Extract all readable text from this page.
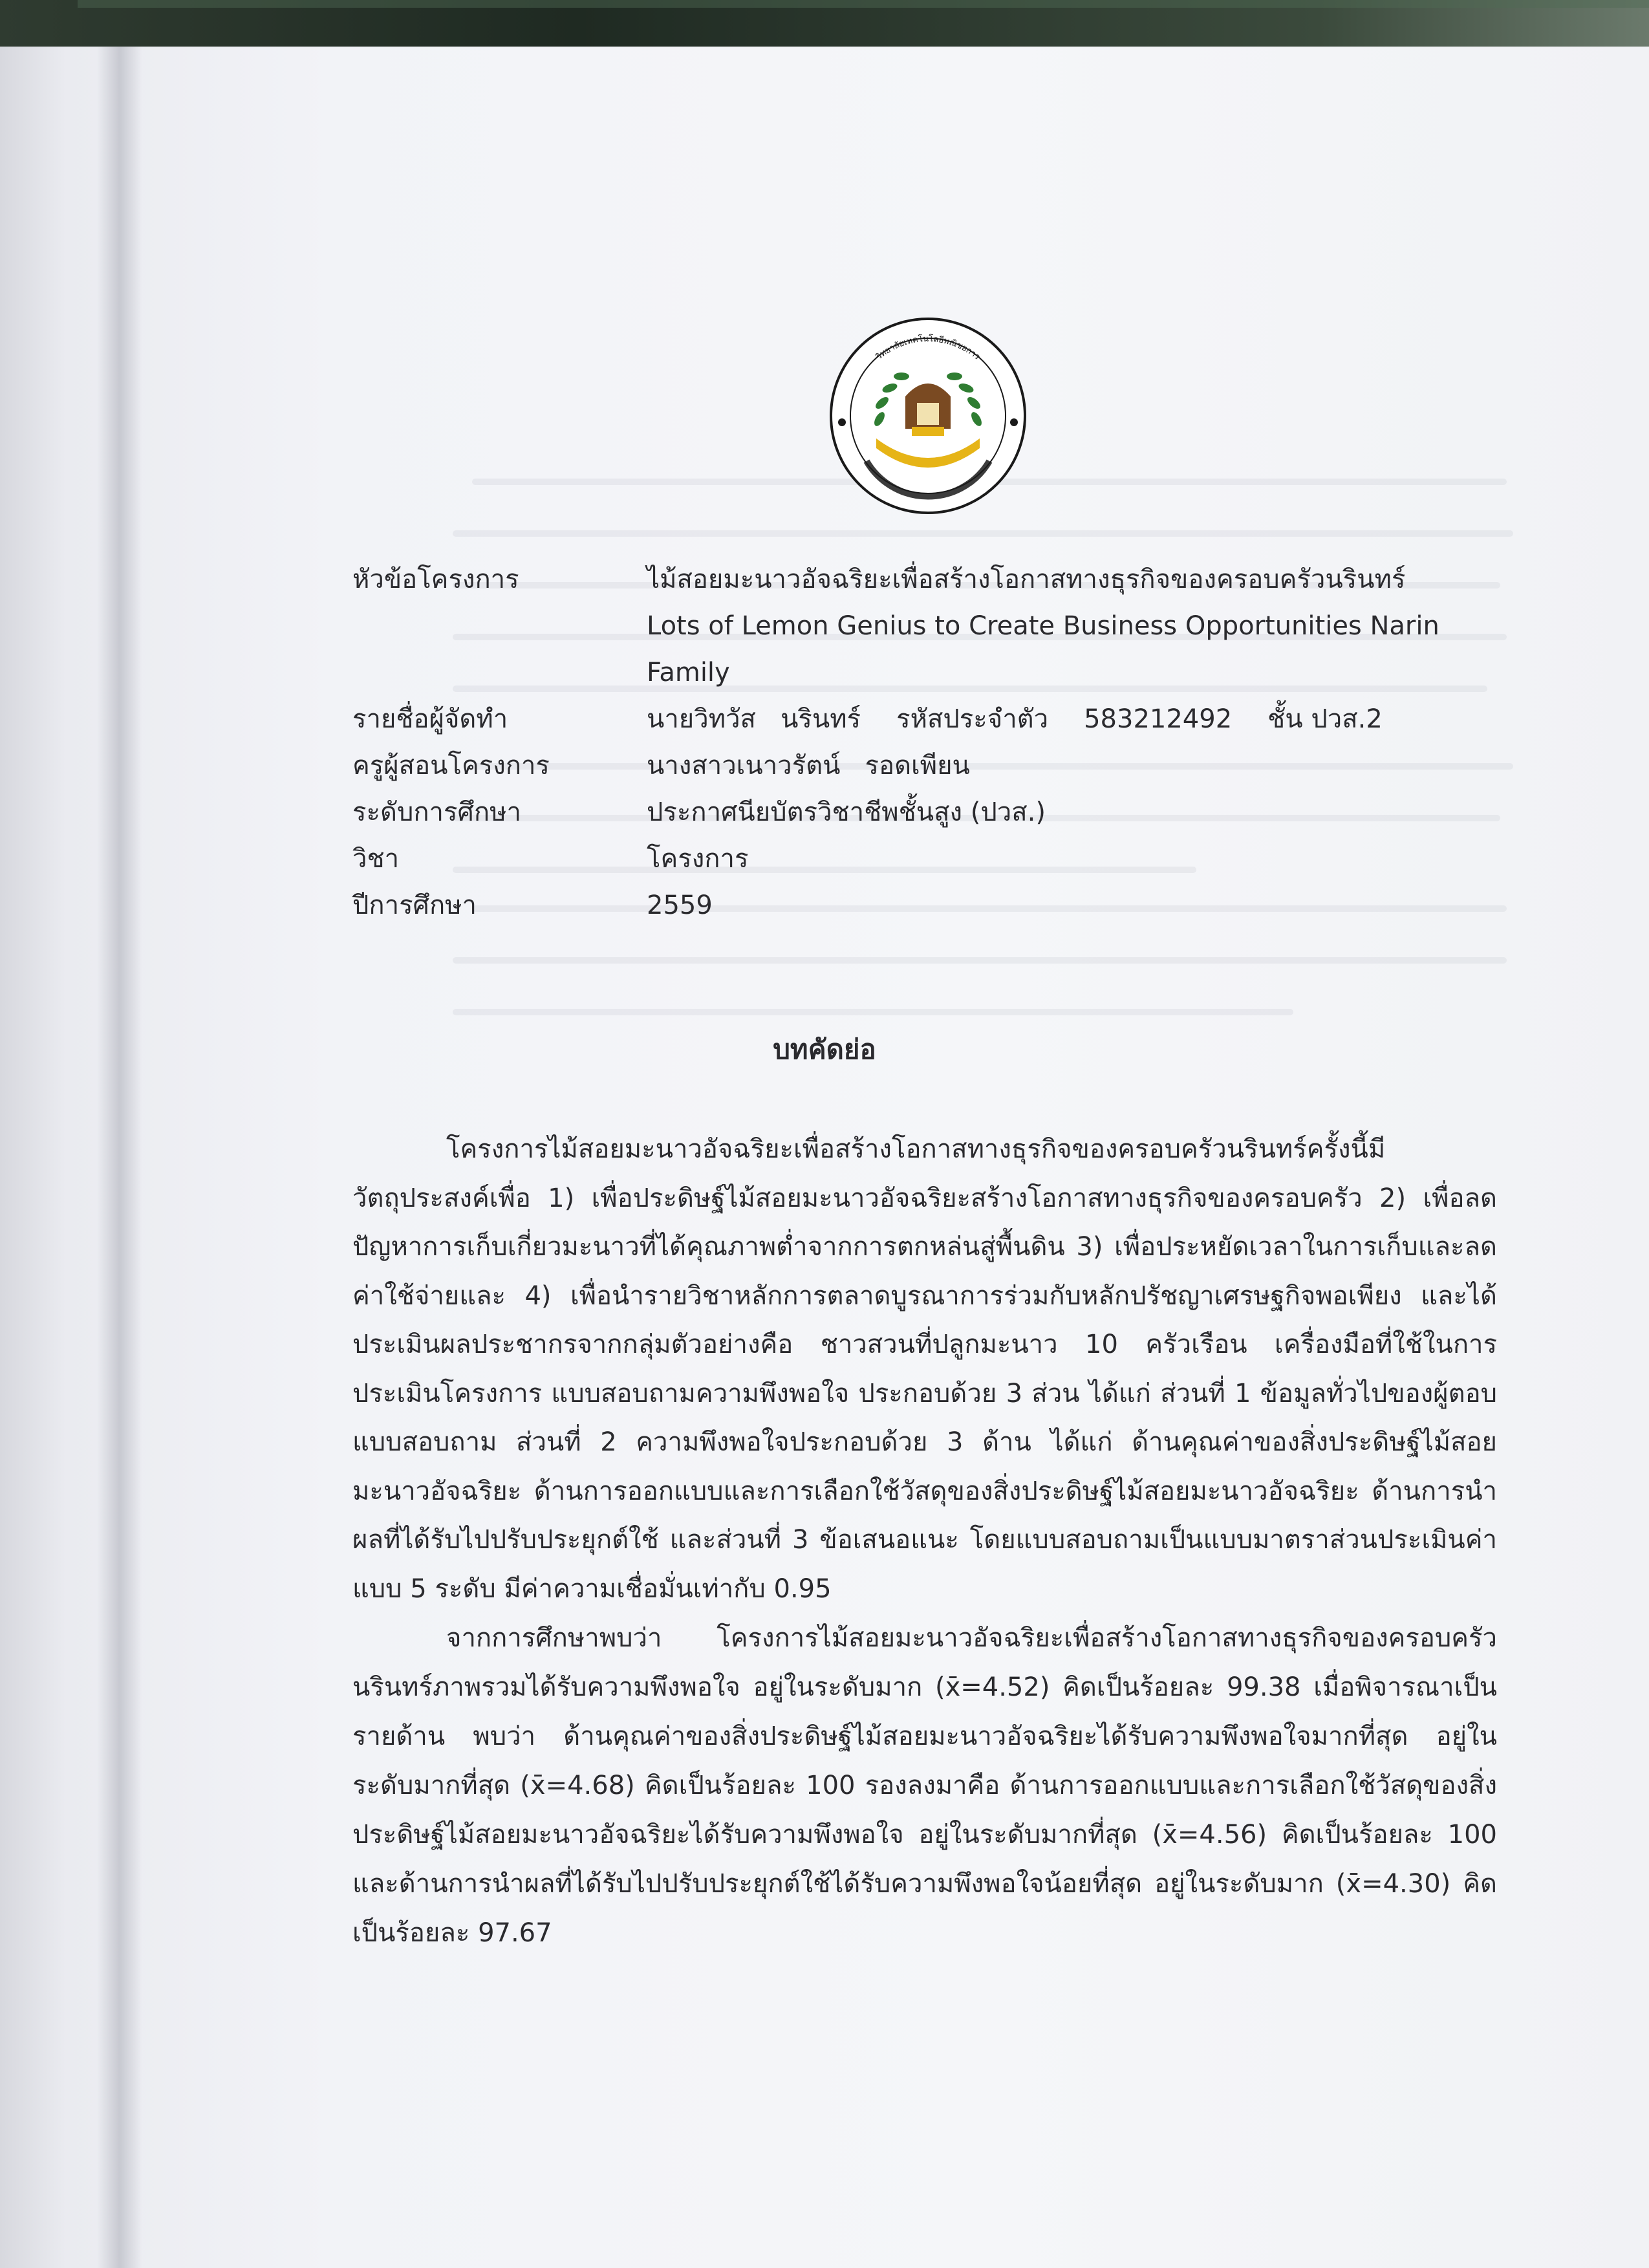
วิทยาลัยเทคโนโลยีพณิชยการ
หัวข้อโครงการ	ไม้สอยมะนาวอัจฉริยะเพื่อสร้างโอกาสทางธุรกิจของครอบครัวนรินทร์
Lots of Lemon Genius to Create Business Opportunities Narin
Family
รายชื่อผู้จัดทำ	นายวิทวัส   นรินทร์ รหัสประจำตัว 583212492 ชั้น ปวส.2
ครูผู้สอนโครงการ	นางสาวเนาวรัตน์   รอดเพียน
ระดับการศึกษา	ประกาศนียบัตรวิชาชีพชั้นสูง (ปวส.)
วิชา	โครงการ
ปีการศึกษา	2559
บทคัดย่อ

โครงการไม้สอยมะนาวอัจฉริยะเพื่อสร้างโอกาสทางธุรกิจของครอบครัวนรินทร์ครั้งนี้มีวัตถุประสงค์เพื่อ 1) เพื่อประดิษฐ์ไม้สอยมะนาวอัจฉริยะสร้างโอกาสทางธุรกิจของครอบครัว 2) เพื่อลดปัญหาการเก็บเกี่ยวมะนาวที่ได้คุณภาพต่ำจากการตกหล่นสู่พื้นดิน 3) เพื่อประหยัดเวลาในการเก็บและลดค่าใช้จ่ายและ 4) เพื่อนำรายวิชาหลักการตลาดบูรณาการร่วมกับหลักปรัชญาเศรษฐกิจพอเพียง และได้ประเมินผลประชากรจากกลุ่มตัวอย่างคือ ชาวสวนที่ปลูกมะนาว 10 ครัวเรือน เครื่องมือที่ใช้ในการประเมินโครงการ แบบสอบถามความพึงพอใจ ประกอบด้วย 3 ส่วน ได้แก่ ส่วนที่ 1 ข้อมูลทั่วไปของผู้ตอบแบบสอบถาม ส่วนที่ 2 ความพึงพอใจประกอบด้วย 3 ด้าน ได้แก่ ด้านคุณค่าของสิ่งประดิษฐ์ไม้สอยมะนาวอัจฉริยะ ด้านการออกแบบและการเลือกใช้วัสดุของสิ่งประดิษฐ์ไม้สอยมะนาวอัจฉริยะ ด้านการนำผลที่ได้รับไปปรับประยุกต์ใช้ และส่วนที่ 3 ข้อเสนอแนะ โดยแบบสอบถามเป็นแบบมาตราส่วนประเมินค่าแบบ 5 ระดับ มีค่าความเชื่อมั่นเท่ากับ 0.95

จากการศึกษาพบว่า โครงการไม้สอยมะนาวอัจฉริยะเพื่อสร้างโอกาสทางธุรกิจของครอบครัวนรินทร์ภาพรวมได้รับความพึงพอใจ อยู่ในระดับมาก (x̄=4.52) คิดเป็นร้อยละ 99.38 เมื่อพิจารณาเป็นรายด้าน พบว่า ด้านคุณค่าของสิ่งประดิษฐ์ไม้สอยมะนาวอัจฉริยะได้รับความพึงพอใจมากที่สุด อยู่ในระดับมากที่สุด (x̄=4.68) คิดเป็นร้อยละ 100 รองลงมาคือ ด้านการออกแบบและการเลือกใช้วัสดุของสิ่งประดิษฐ์ไม้สอยมะนาวอัจฉริยะได้รับความพึงพอใจ อยู่ในระดับมากที่สุด (x̄=4.56) คิดเป็นร้อยละ 100 และด้านการนำผลที่ได้รับไปปรับประยุกต์ใช้ได้รับความพึงพอใจน้อยที่สุด อยู่ในระดับมาก (x̄=4.30) คิดเป็นร้อยละ 97.67
